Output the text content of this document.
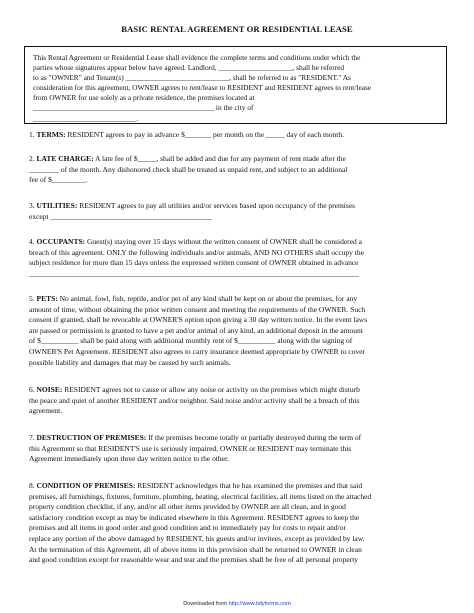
BASIC RENTAL AGREEMENT OR RESIDENTIAL LEASE
This Rental Agreement or Residential Lease shall evidence the complete terms and conditions under which the
parties whose signatures appear below have agreed. Landlord, ____________________, shall be referred
to as "OWNER" and Tenant(s) ____________________________, shall be referred to as "RESIDENT." As
consideration for this agreement, OWNER agrees to rent/lease to RESIDENT and RESIDENT agrees to rent/lease
from OWNER for use solely as a private residence, the premises located at
_________________________________________________ in the city of
____________________________.
1. TERMS: RESIDENT agrees to pay in advance $_______ per month on the _____ day of each month.
2. LATE CHARGE: A late fee of $_____, shall be added and due for any payment of rent made after the
________ of the month. Any dishonored check shall be treated as unpaid rent, and subject to an additional
fee of $_________.
3. UTILITIES: RESIDENT agrees to pay all utilities and/or services based upon occupancy of the premises
except ___________________________________________
4. OCCUPANTS: Guest(s) staying over 15 days without the written consent of OWNER shall be considered a
breach of this agreement. ONLY the following individuals and/or animals, AND NO OTHERS shall occupy the
subject residence for more than 15 days unless the expressed written consent of OWNER obtained in advance
________________________________________________________________________________________
5. PETS: No animal, fowl, fish, reptile, and/or pet of any kind shall be kept on or about the premises, for any
amount of time, without obtaining the prior written consent and meeting the requirements of the OWNER. Such
consent if granted, shall be revocable at OWNER'S option upon giving a 30 day written notice. In the event laws
are passed or permission is granted to have a pet and/or animal of any kind, an additional deposit in the amount
of $__________ shall be paid along with additional monthly rent of $__________ along with the signing of
OWNER'S Pet Agreement. RESIDENT also agrees to carry insurance deemed appropriate by OWNER to cover
possible liability and damages that may be caused by such animals.
6. NOISE: RESIDENT agrees not to cause or allow any noise or activity on the premises which might disturb
the peace and quiet of another RESIDENT and/or neighbor. Said noise and/or activity shall be a breach of this
agreement.
7. DESTRUCTION OF PREMISES: If the premises become totally or partially destroyed during the term of
this Agreement so that RESIDENT'S use is seriously impaired, OWNER or RESIDENT may terminate this
Agreement immediately upon three day written notice to the other.
8. CONDITION OF PREMISES: RESIDENT acknowledges that he has examined the premises and that said
premises, all furnishings, fixtures, furniture, plumbing, heating, electrical facilities, all items listed on the attached
property condition checklist, if any, and/or all other items provided by OWNER are all clean, and in good
satisfactory condition except as may be indicated elsewhere in this Agreement. RESIDENT agrees to keep the
premises and all items in good order and good condition and to immediately pay for costs to repair and/or
replace any portion of the above damaged by RESIDENT, his guests and/or invitees, except as provided by law.
At the termination of this Agreement, all of above items in this provision shall be returned to OWNER in clean
and good condition except for reasonable wear and tear and the premises shall be free of all personal property
Downloaded from http://www.tidyforms.com
